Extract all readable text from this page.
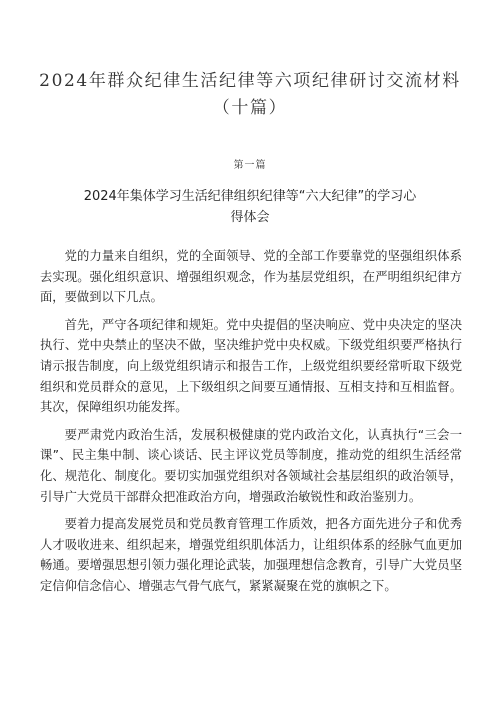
2024年群众纪律生活纪律等六项纪律研讨交流材料
（十篇）
第一篇
2024年集体学习生活纪律组织纪律等“六大纪律”的学习心
得体会

党的力量来自组织，党的全面领导、党的全部工作要靠党的坚强组织体系去实现。强化组织意识、增强组织观念，作为基层党组织，在严明组织纪律方面，要做到以下几点。

首先，严守各项纪律和规矩。党中央提倡的坚决响应、党中央决定的坚决执行、党中央禁止的坚决不做，坚决维护党中央权威。下级党组织要严格执行请示报告制度，向上级党组织请示和报告工作，上级党组织要经常听取下级党组织和党员群众的意见，上下级组织之间要互通情报、互相支持和互相监督。其次，保障组织功能发挥。

要严肃党内政治生活，发展积极健康的党内政治文化，认真执行“三会一课”、民主集中制、谈心谈话、民主评议党员等制度，推动党的组织生活经常化、规范化、制度化。要切实加强党组织对各领域社会基层组织的政治领导，引导广大党员干部群众把准政治方向，增强政治敏锐性和政治鉴别力。

要着力提高发展党员和党员教育管理工作质效，把各方面先进分子和优秀人才吸收进来、组织起来，增强党组织肌体活力，让组织体系的经脉气血更加畅通。要增强思想引领力强化理论武装，加强理想信念教育，引导广大党员坚定信仰信念信心、增强志气骨气底气，紧紧凝聚在党的旗帜之下。
